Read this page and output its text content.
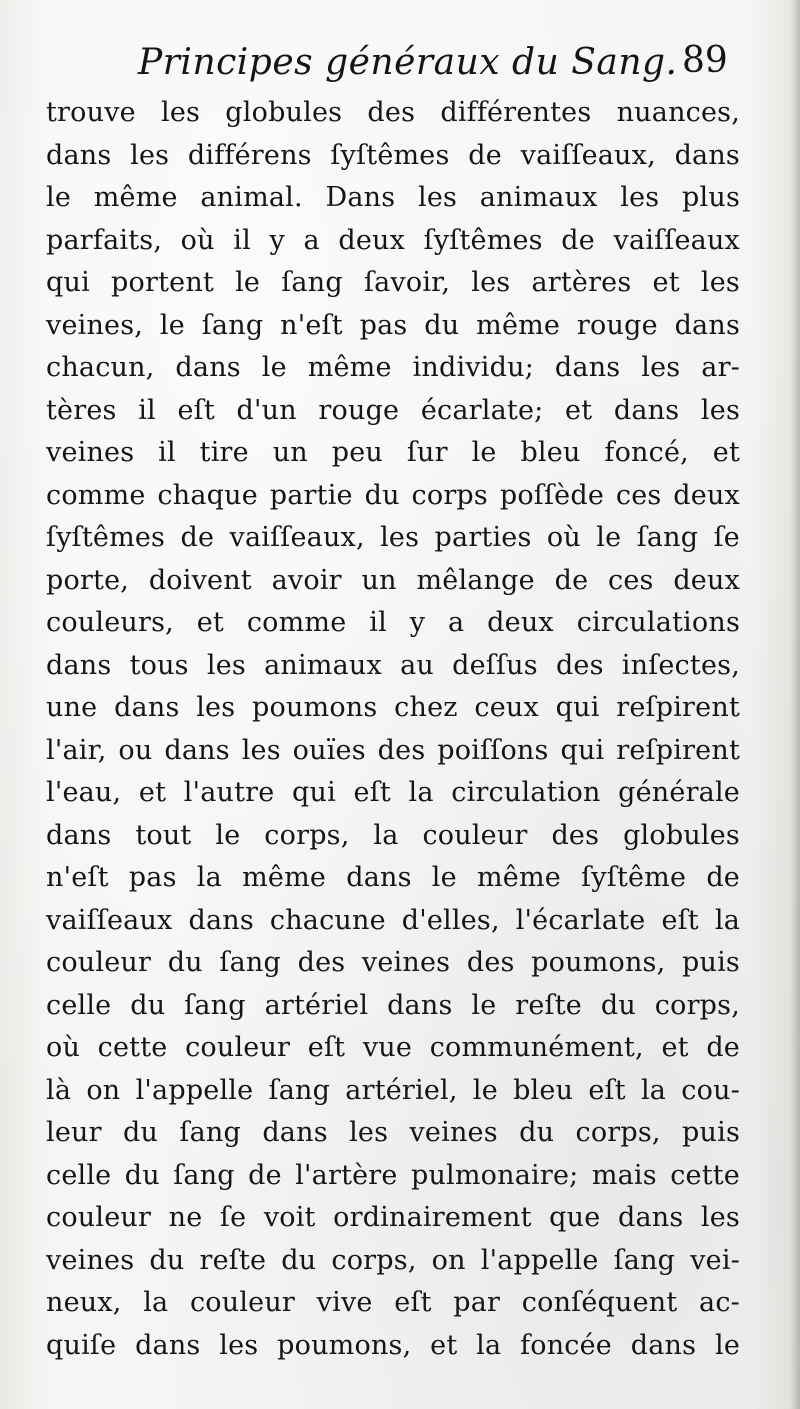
Principes généraux du Sang. 89
trouve les globules des différentes nuances,
dans les différens ſyſtêmes de vaiſſeaux, dans
le même animal. Dans les animaux les plus
parfaits, où il y a deux ſyſtêmes de vaiſſeaux
qui portent le ſang ſavoir, les artères et les
veines, le ſang n'eſt pas du même rouge dans
chacun, dans le même individu; dans les ar-
tères il eſt d'un rouge écarlate; et dans les
veines il tire un peu ſur le bleu foncé, et
comme chaque partie du corps poſſède ces deux
ſyſtêmes de vaiſſeaux, les parties où le ſang ſe
porte, doivent avoir un mêlange de ces deux
couleurs, et comme il y a deux circulations
dans tous les animaux au deſſus des inſectes,
une dans les poumons chez ceux qui reſpirent
l'air, ou dans les ouïes des poiſſons qui reſpirent
l'eau, et l'autre qui eſt la circulation générale
dans tout le corps, la couleur des globules
n'eſt pas la même dans le même ſyſtême de
vaiſſeaux dans chacune d'elles, l'écarlate eſt la
couleur du ſang des veines des poumons, puis
celle du ſang artériel dans le reſte du corps,
où cette couleur eſt vue communément, et de
là on l'appelle ſang artériel, le bleu eſt la cou-
leur du ſang dans les veines du corps, puis
celle du ſang de l'artère pulmonaire; mais cette
couleur ne ſe voit ordinairement que dans les
veines du reſte du corps, on l'appelle ſang vei-
neux, la couleur vive eſt par conſéquent ac-
quiſe dans les poumons, et la foncée dans le
